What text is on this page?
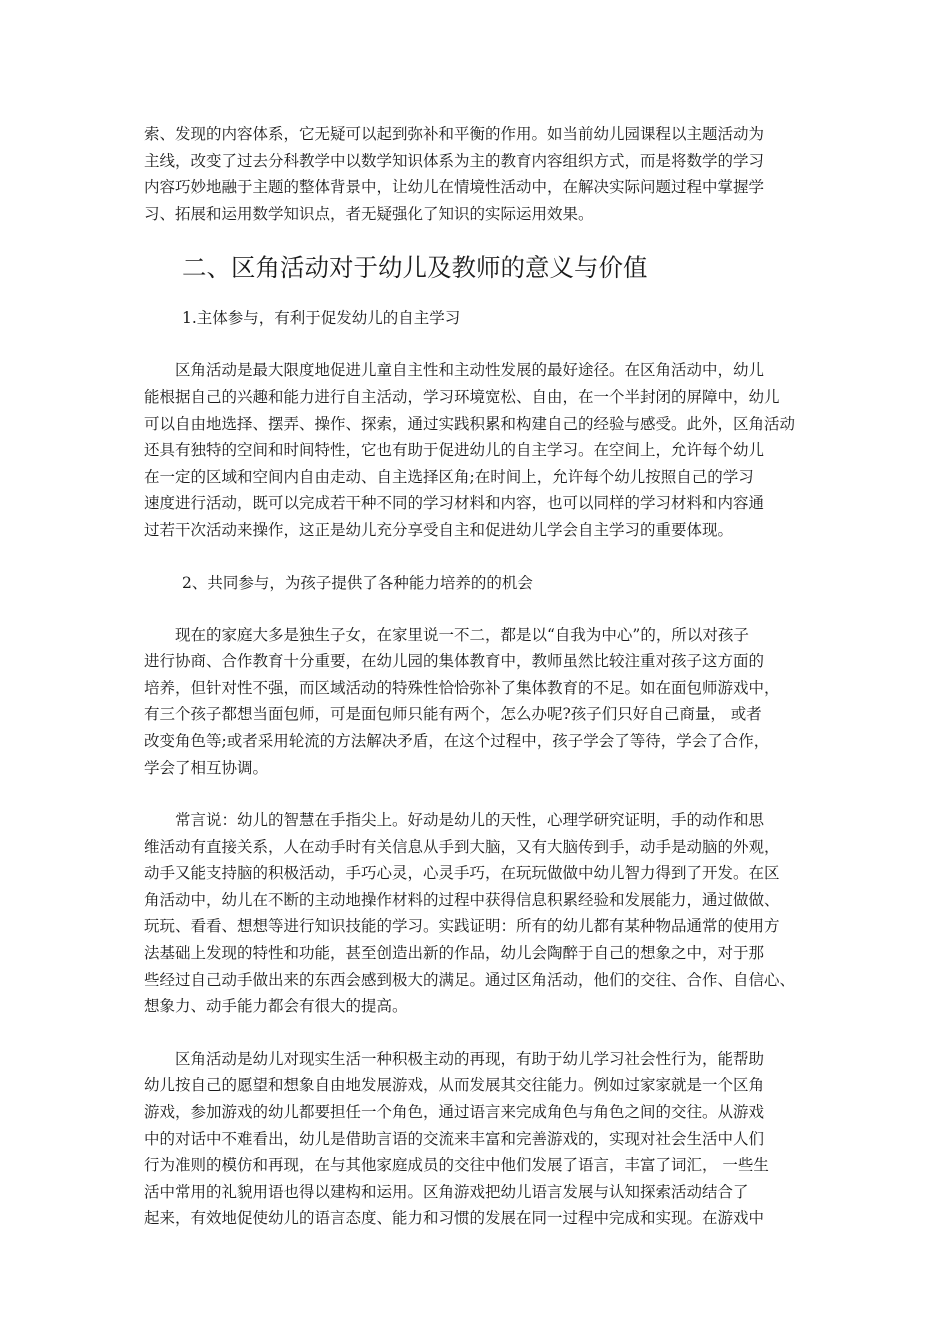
索、发现的内容体系，它无疑可以起到弥补和平衡的作用。如当前幼儿园课程以主题活动为
主线，改变了过去分科教学中以数学知识体系为主的教育内容组织方式，而是将数学的学习
内容巧妙地融于主题的整体背景中，让幼儿在情境性活动中，在解决实际问题过程中掌握学
习、拓展和运用数学知识点，者无疑强化了知识的实际运用效果。
二、区角活动对于幼儿及教师的意义与价值
1.主体参与，有利于促发幼儿的自主学习
　　区角活动是最大限度地促进儿童自主性和主动性发展的最好途径。在区角活动中，幼儿
能根据自己的兴趣和能力进行自主活动，学习环境宽松、自由，在一个半封闭的屏障中，幼儿
可以自由地选择、摆弄、操作、探索，通过实践积累和构建自己的经验与感受。此外，区角活动
还具有独特的空间和时间特性，它也有助于促进幼儿的自主学习。在空间上，允许每个幼儿
在一定的区域和空间内自由走动、自主选择区角;在时间上，允许每个幼儿按照自己的学习
速度进行活动，既可以完成若干种不同的学习材料和内容，也可以同样的学习材料和内容通
过若干次活动来操作，这正是幼儿充分享受自主和促进幼儿学会自主学习的重要体现。
2、共同参与，为孩子提供了各种能力培养的的机会
　　现在的家庭大多是独生子女，在家里说一不二，都是以“自我为中心”的，所以对孩子
进行协商、合作教育十分重要，在幼儿园的集体教育中，教师虽然比较注重对孩子这方面的
培养，但针对性不强，而区域活动的特殊性恰恰弥补了集体教育的不足。如在面包师游戏中，
有三个孩子都想当面包师，可是面包师只能有两个，怎么办呢?孩子们只好自己商量， 或者
改变角色等;或者采用轮流的方法解决矛盾，在这个过程中，孩子学会了等待，学会了合作，
学会了相互协调。
　　常言说：幼儿的智慧在手指尖上。好动是幼儿的天性，心理学研究证明，手的动作和思
维活动有直接关系，人在动手时有关信息从手到大脑，又有大脑传到手，动手是动脑的外观，
动手又能支持脑的积极活动，手巧心灵，心灵手巧，在玩玩做做中幼儿智力得到了开发。在区
角活动中，幼儿在不断的主动地操作材料的过程中获得信息积累经验和发展能力，通过做做、
玩玩、看看、想想等进行知识技能的学习。实践证明：所有的幼儿都有某种物品通常的使用方
法基础上发现的特性和功能，甚至创造出新的作品，幼儿会陶醉于自己的想象之中，对于那
些经过自己动手做出来的东西会感到极大的满足。通过区角活动，他们的交往、合作、自信心、
想象力、动手能力都会有很大的提高。
　　区角活动是幼儿对现实生活一种积极主动的再现，有助于幼儿学习社会性行为，能帮助
幼儿按自己的愿望和想象自由地发展游戏，从而发展其交往能力。例如过家家就是一个区角
游戏，参加游戏的幼儿都要担任一个角色，通过语言来完成角色与角色之间的交往。从游戏
中的对话中不难看出，幼儿是借助言语的交流来丰富和完善游戏的，实现对社会生活中人们
行为准则的模仿和再现，在与其他家庭成员的交往中他们发展了语言，丰富了词汇， 一些生
活中常用的礼貌用语也得以建构和运用。区角游戏把幼儿语言发展与认知探索活动结合了
起来，有效地促使幼儿的语言态度、能力和习惯的发展在同一过程中完成和实现。在游戏中
